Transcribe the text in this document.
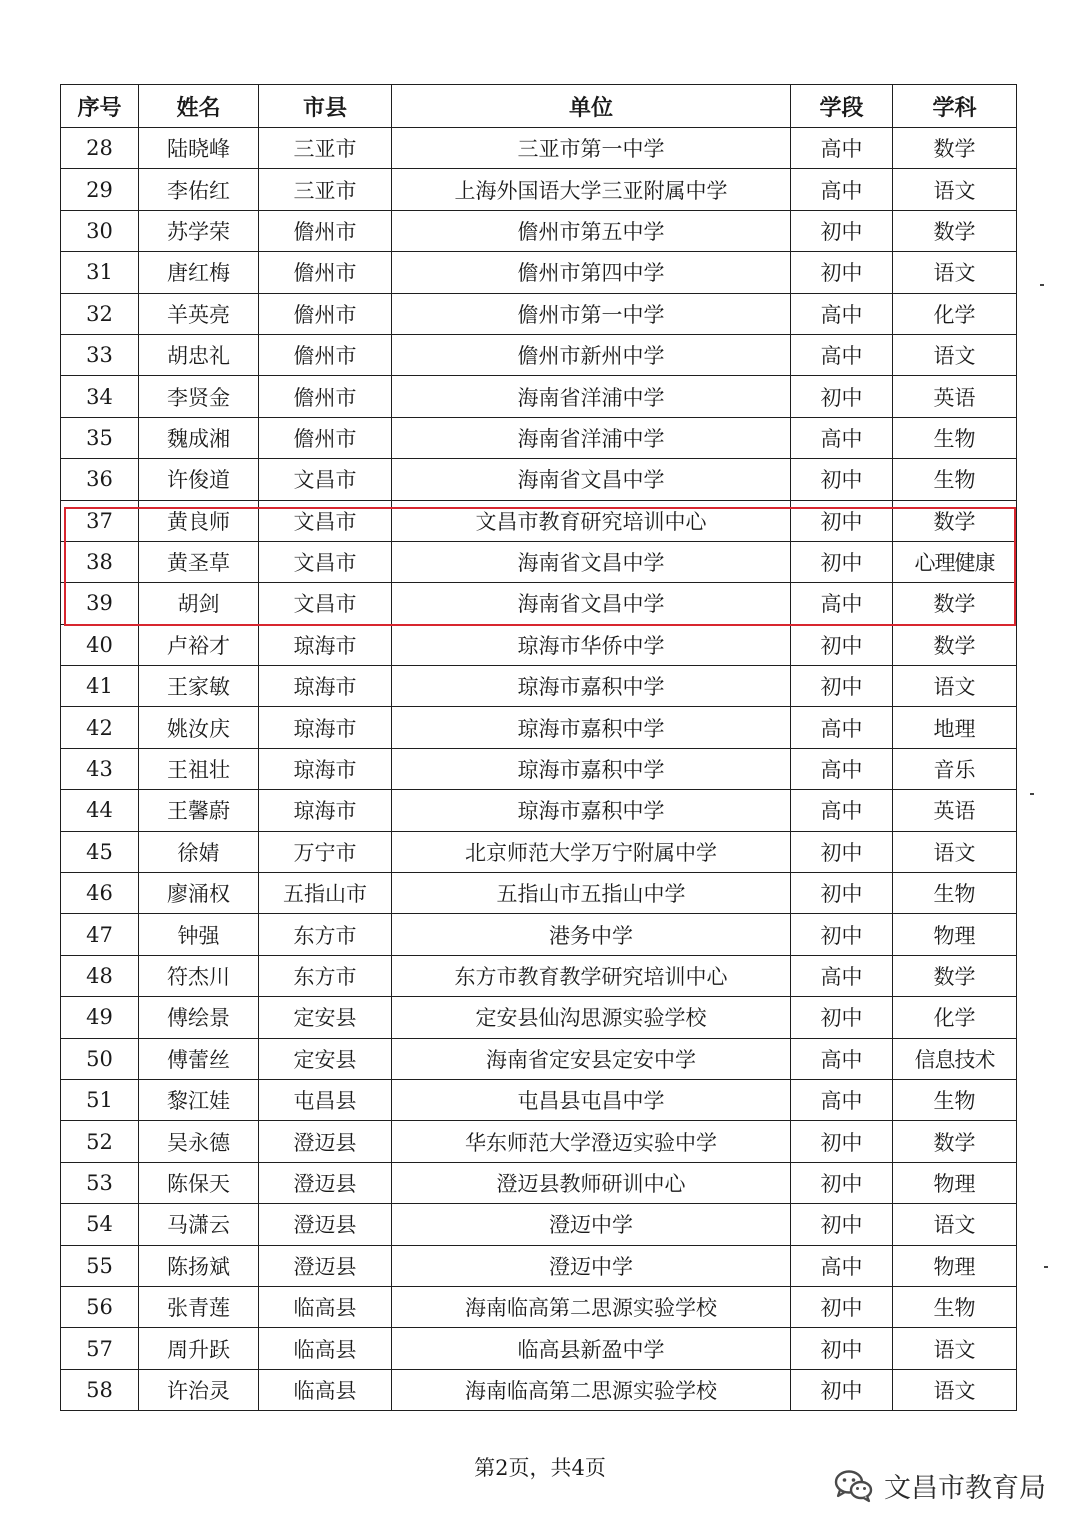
序号	姓名	市县	单位	学段	学科
28	陆晓峰	三亚市	三亚市第一中学	高中	数学
29	李佑红	三亚市	上海外国语大学三亚附属中学	高中	语文
30	苏学荣	儋州市	儋州市第五中学	初中	数学
31	唐红梅	儋州市	儋州市第四中学	初中	语文
32	羊英亮	儋州市	儋州市第一中学	高中	化学
33	胡忠礼	儋州市	儋州市新州中学	高中	语文
34	李贤金	儋州市	海南省洋浦中学	初中	英语
35	魏成湘	儋州市	海南省洋浦中学	高中	生物
36	许俊道	文昌市	海南省文昌中学	初中	生物
37	黄良师	文昌市	文昌市教育研究培训中心	初中	数学
38	黄圣草	文昌市	海南省文昌中学	初中	心理健康
39	胡剑	文昌市	海南省文昌中学	高中	数学
40	卢裕才	琼海市	琼海市华侨中学	初中	数学
41	王家敏	琼海市	琼海市嘉积中学	初中	语文
42	姚汝庆	琼海市	琼海市嘉积中学	高中	地理
43	王祖壮	琼海市	琼海市嘉积中学	高中	音乐
44	王馨蔚	琼海市	琼海市嘉积中学	高中	英语
45	徐婧	万宁市	北京师范大学万宁附属中学	初中	语文
46	廖涌权	五指山市	五指山市五指山中学	初中	生物
47	钟强	东方市	港务中学	初中	物理
48	符杰川	东方市	东方市教育教学研究培训中心	高中	数学
49	傅绘景	定安县	定安县仙沟思源实验学校	初中	化学
50	傅蕾丝	定安县	海南省定安县定安中学	高中	信息技术
51	黎江娃	屯昌县	屯昌县屯昌中学	高中	生物
52	吴永德	澄迈县	华东师范大学澄迈实验中学	初中	数学
53	陈保天	澄迈县	澄迈县教师研训中心	初中	物理
54	马潇云	澄迈县	澄迈中学	初中	语文
55	陈扬斌	澄迈县	澄迈中学	高中	物理
56	张青莲	临高县	海南临高第二思源实验学校	初中	生物
57	周升跃	临高县	临高县新盈中学	初中	语文
58	许治灵	临高县	海南临高第二思源实验学校	初中	语文
第2页，共4页
文昌市教育局
